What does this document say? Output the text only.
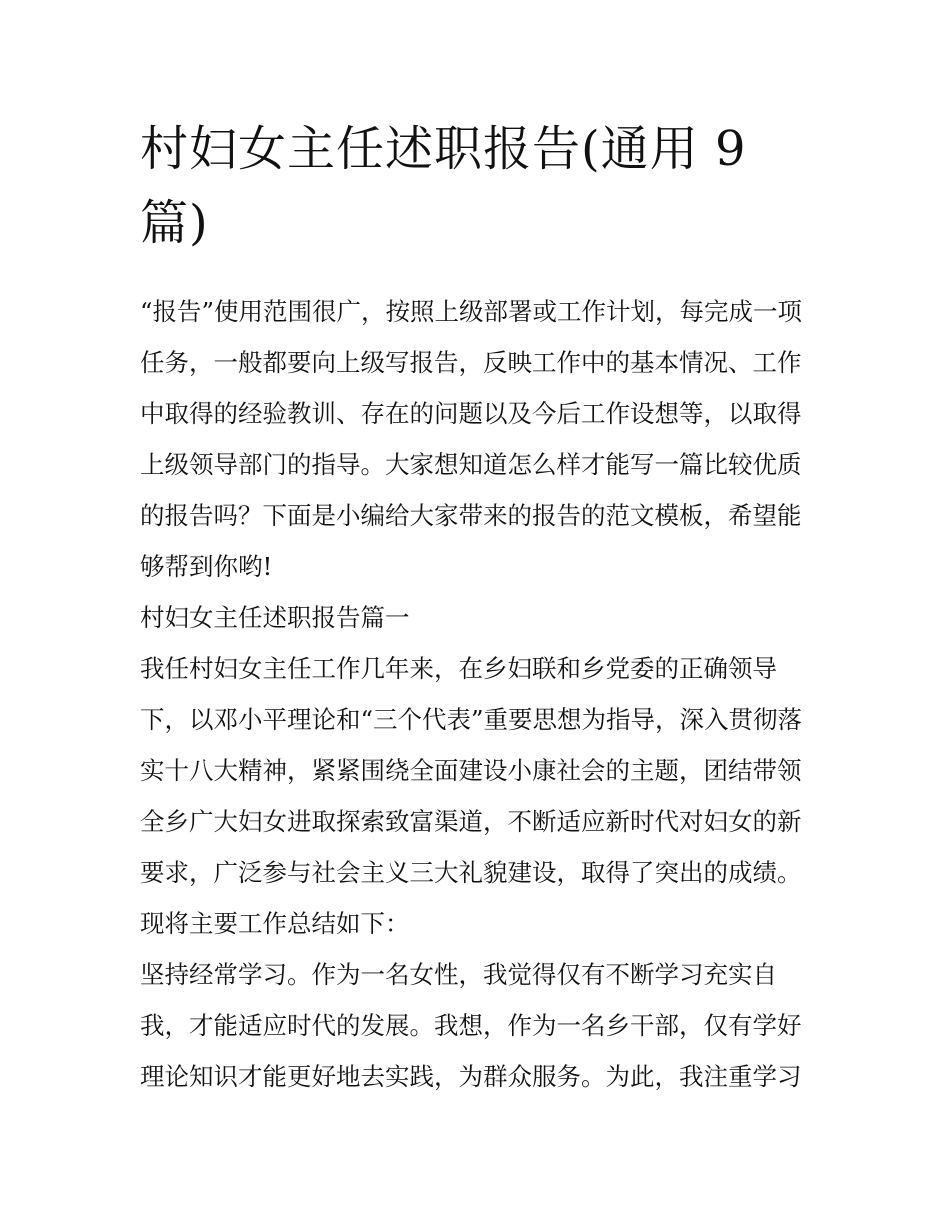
村妇女主任述职报告(通用 9 篇)

“报告”使用范围很广，按照上级部署或工作计划，每完成一项任务，一般都要向上级写报告，反映工作中的基本情况、工作中取得的经验教训、存在的问题以及今后工作设想等，以取得上级领导部门的指导。大家想知道怎么样才能写一篇比较优质的报告吗？下面是小编给大家带来的报告的范文模板，希望能够帮到你哟!

村妇女主任述职报告篇一

我任村妇女主任工作几年来，在乡妇联和乡党委的正确领导下，以邓小平理论和“三个代表”重要思想为指导，深入贯彻落实十八大精神，紧紧围绕全面建设小康社会的主题，团结带领全乡广大妇女进取探索致富渠道，不断适应新时代对妇女的新要求，广泛参与社会主义三大礼貌建设，取得了突出的成绩。现将主要工作总结如下：

坚持经常学习。作为一名女性，我觉得仅有不断学习充实自我，才能适应时代的发展。我想，作为一名乡干部，仅有学好理论知识才能更好地去实践，为群众服务。为此，我注重学习
